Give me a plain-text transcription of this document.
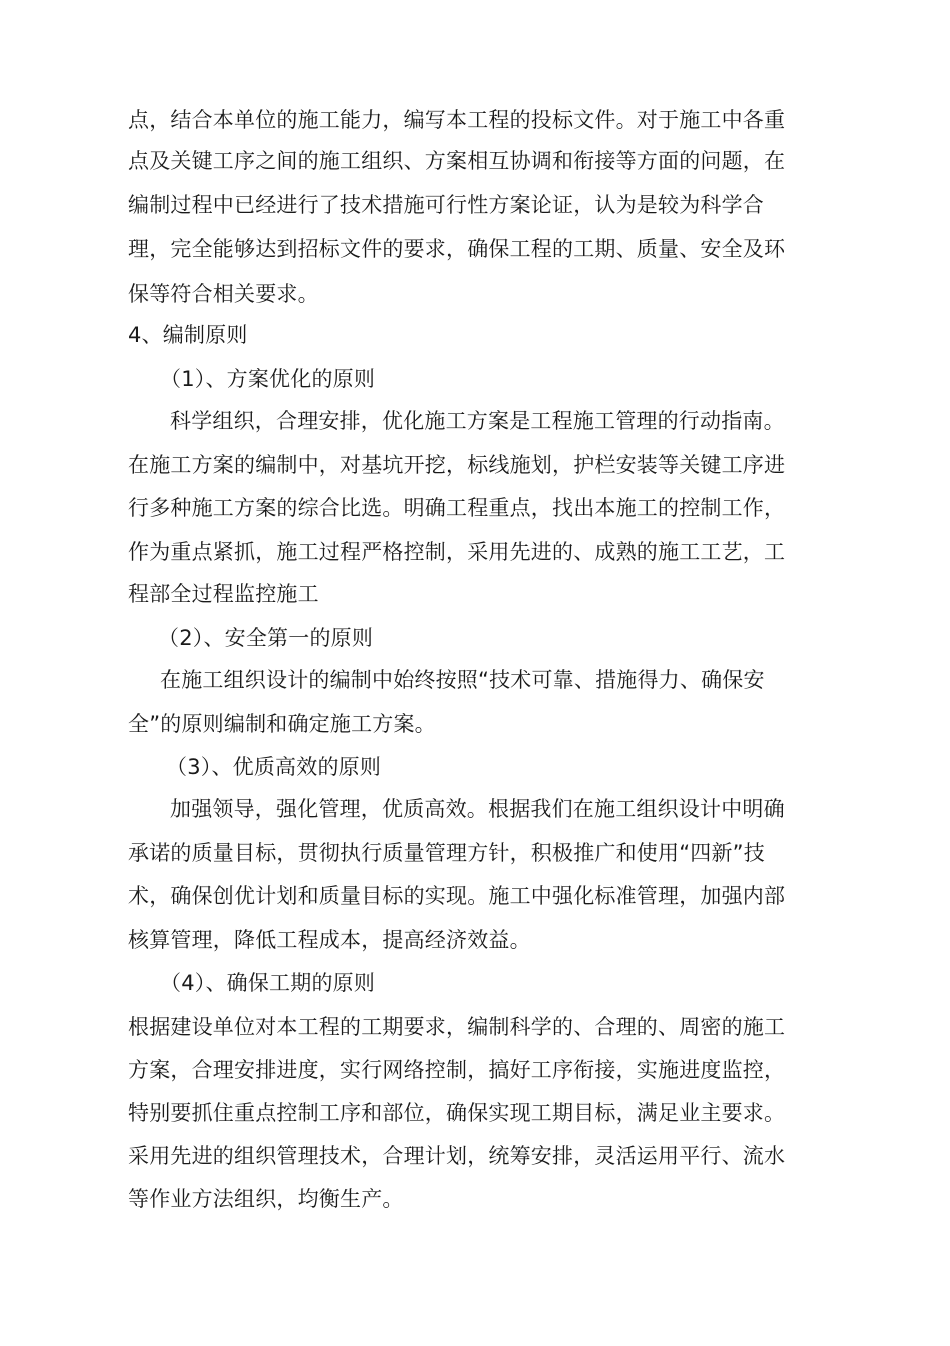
点，结合本单位的施工能力，编写本工程的投标文件。对于施工中各重
点及关键工序之间的施工组织、方案相互协调和衔接等方面的问题，在
编制过程中已经进行了技术措施可行性方案论证，认为是较为科学合
理，完全能够达到招标文件的要求，确保工程的工期、质量、安全及环
保等符合相关要求。
4、编制原则
（1）、方案优化的原则
科学组织，合理安排，优化施工方案是工程施工管理的行动指南。
在施工方案的编制中，对基坑开挖，标线施划，护栏安装等关键工序进
行多种施工方案的综合比选。明确工程重点，找出本施工的控制工作，
作为重点紧抓，施工过程严格控制，采用先进的、成熟的施工工艺，工
程部全过程监控施工
（2）、安全第一的原则
在施工组织设计的编制中始终按照“技术可靠、措施得力、确保安
全”的原则编制和确定施工方案。
（3）、优质高效的原则
加强领导，强化管理，优质高效。根据我们在施工组织设计中明确
承诺的质量目标，贯彻执行质量管理方针，积极推广和使用“四新”技
术，确保创优计划和质量目标的实现。施工中强化标准管理，加强内部
核算管理，降低工程成本，提高经济效益。
（4）、确保工期的原则
根据建设单位对本工程的工期要求，编制科学的、合理的、周密的施工
方案，合理安排进度，实行网络控制，搞好工序衔接，实施进度监控，
特别要抓住重点控制工序和部位，确保实现工期目标，满足业主要求。
采用先进的组织管理技术，合理计划，统筹安排，灵活运用平行、流水
等作业方法组织，均衡生产。
